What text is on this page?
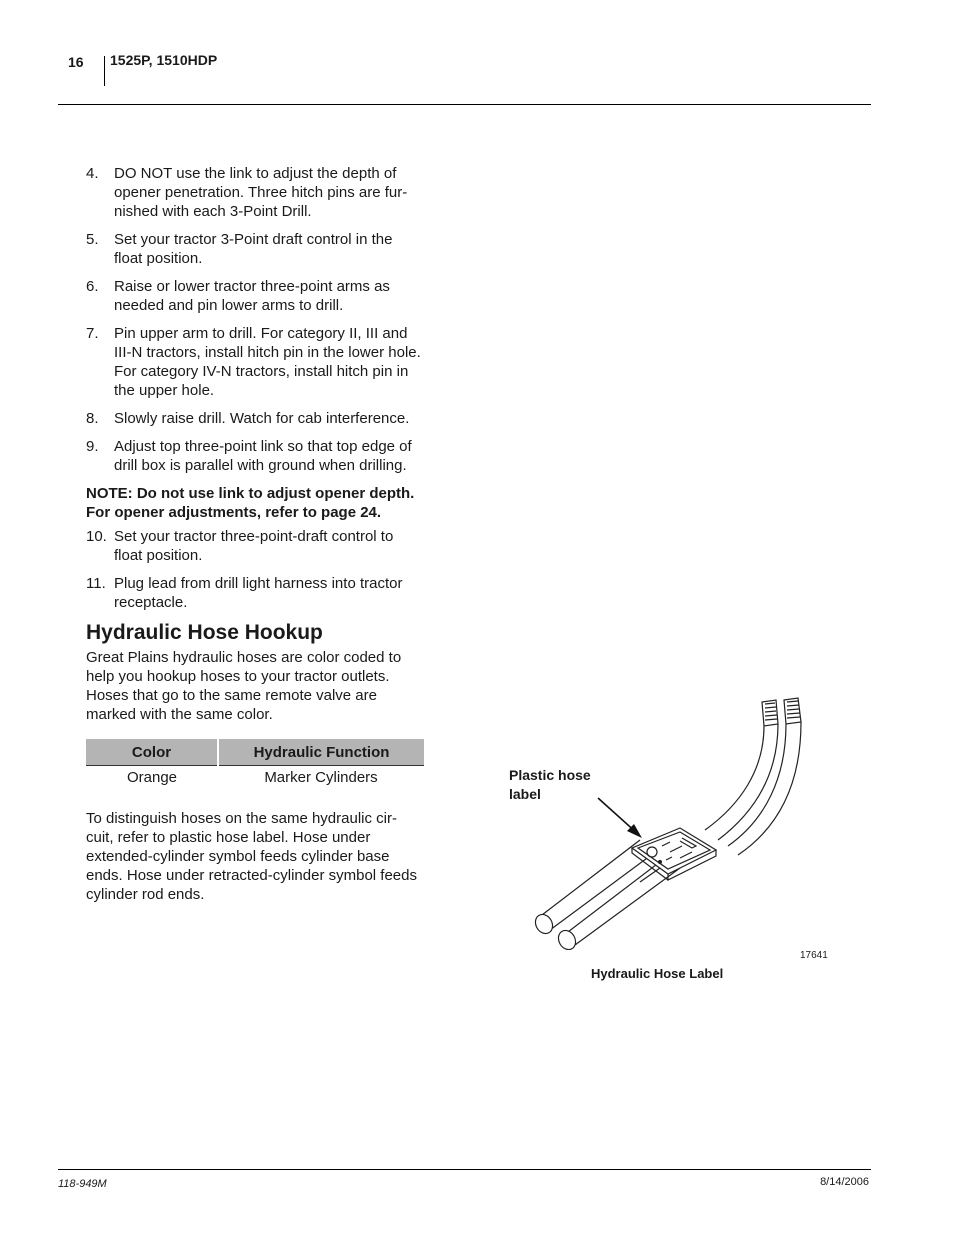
16 1525P, 1510HDP
4.	DO NOT use the link to adjust the depth of opener penetration. Three hitch pins are fur-nished with each 3-Point Drill.
5.	Set your tractor 3-Point draft control in the float position.
6.	Raise or lower tractor three-point arms as needed and pin lower arms to drill.
7.	Pin upper arm to drill. For category II, III and III-N tractors, install hitch pin in the lower hole. For category IV-N tractors, install hitch pin in the upper hole.
8.	Slowly raise drill. Watch for cab interference.
9.	Adjust top three-point link so that top edge of drill box is parallel with ground when drilling.

NOTE: Do not use link to adjust opener depth. For opener adjustments, refer to page 24.

10. Set your tractor three-point-draft control to float position.
11. Plug lead from drill light harness into tractor receptacle.
Hydraulic Hose Hookup

Great Plains hydraulic hoses are color coded to help you hookup hoses to your tractor outlets. Hoses that go to the same remote valve are marked with the same color.

Color	Hydraulic Function
Orange	Marker Cylinders

To distinguish hoses on the same hydraulic cir-cuit, refer to plastic hose label. Hose under extended-cylinder symbol feeds cylinder base ends. Hose under retracted-cylinder symbol feeds cylinder rod ends.

Plastic hose
label
17641
Hydraulic Hose Label
118-949M	8/14/2006
